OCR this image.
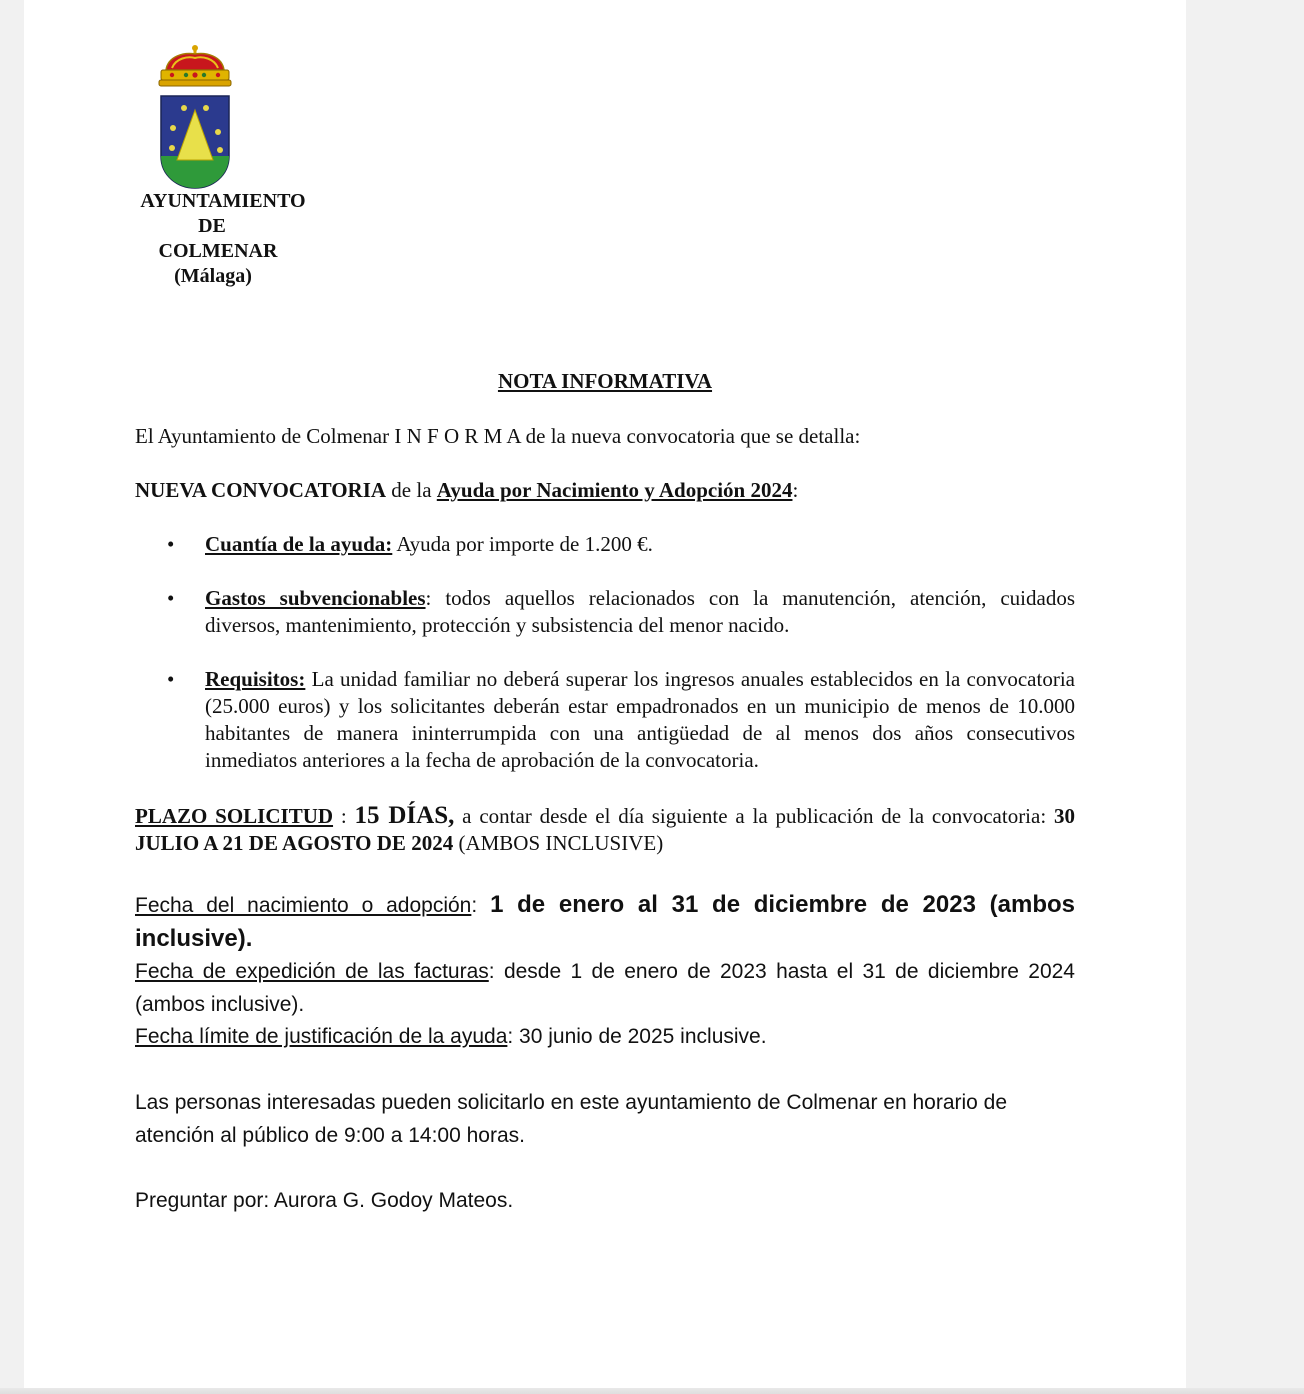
AYUNTAMIENTO
DE
COLMENAR
(Málaga)
NOTA INFORMATIVA
El Ayuntamiento de Colmenar I N F O R M A de la nueva convocatoria que se detalla:
NUEVA CONVOCATORIA de la Ayuda por Nacimiento y Adopción 2024:
• Cuantía de la ayuda: Ayuda por importe de 1.200 €.
• Gastos subvencionables: todos aquellos relacionados con la manutención, atención, cuidados diversos, mantenimiento, protección y subsistencia del menor nacido.
• Requisitos: La unidad familiar no deberá superar los ingresos anuales establecidos en la convocatoria (25.000 euros) y los solicitantes deberán estar empadronados en un municipio de menos de 10.000 habitantes de manera ininterrumpida con una antigüedad de al menos dos años consecutivos inmediatos anteriores a la fecha de aprobación de la convocatoria.
PLAZO SOLICITUD : 15 DÍAS, a contar desde el día siguiente a la publicación de la convocatoria: 30 JULIO A 21 DE AGOSTO DE 2024 (AMBOS INCLUSIVE)
Fecha del nacimiento o adopción: 1 de enero al 31 de diciembre de 2023 (ambos inclusive).
Fecha de expedición de las facturas: desde 1 de enero de 2023 hasta el 31 de diciembre 2024 (ambos inclusive).
Fecha límite de justificación de la ayuda: 30 junio de 2025 inclusive.
Las personas interesadas pueden solicitarlo en este ayuntamiento de Colmenar en horario de atención al público de 9:00 a 14:00 horas.
Preguntar por: Aurora G. Godoy Mateos.
